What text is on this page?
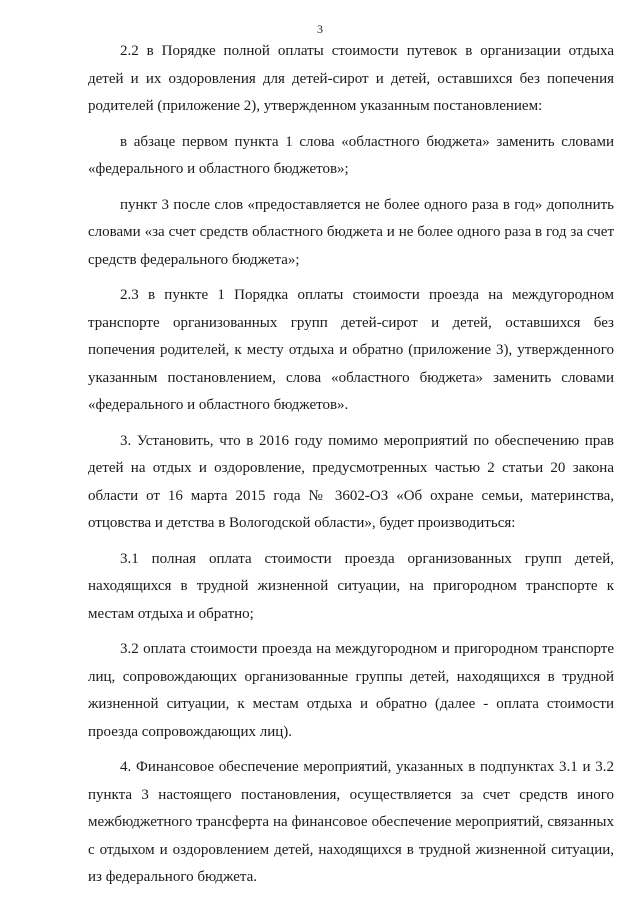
3

2.2 в Порядке полной оплаты стоимости путевок в организации отдыха детей и их оздоровления для детей-сирот и детей, оставшихся без попечения родителей (приложение 2), утвержденном указанным постановлением:

в абзаце первом пункта 1 слова «областного бюджета» заменить словами «федерального и областного бюджетов»;

пункт 3 после слов «предоставляется не более одного раза в год» дополнить словами «за счет средств областного бюджета и не более одного раза в год за счет средств федерального бюджета»;

2.3 в пункте 1 Порядка оплаты стоимости проезда на междугородном транспорте организованных групп детей-сирот и детей, оставшихся без попечения родителей, к месту отдыха и обратно (приложение 3), утвержденного указанным постановлением, слова «областного бюджета» заменить словами «федерального и областного бюджетов».

3. Установить, что в 2016 году помимо мероприятий по обеспечению прав детей на отдых и оздоровление, предусмотренных частью 2 статьи 20 закона области от 16 марта 2015 года № 3602-ОЗ «Об охране семьи, материнства, отцовства и детства в Вологодской области», будет производиться:

3.1 полная оплата стоимости проезда организованных групп детей, находящихся в трудной жизненной ситуации, на пригородном транспорте к местам отдыха и обратно;

3.2 оплата стоимости проезда на междугородном и пригородном транспорте лиц, сопровождающих организованные группы детей, находящихся в трудной жизненной ситуации, к местам отдыха и обратно (далее - оплата стоимости проезда сопровождающих лиц).

4. Финансовое обеспечение мероприятий, указанных в подпунктах 3.1 и 3.2 пункта 3 настоящего постановления, осуществляется за счет средств иного межбюджетного трансферта на финансовое обеспечение мероприятий, связанных с отдыхом и оздоровлением детей, находящихся в трудной жизненной ситуации, из федерального бюджета.
